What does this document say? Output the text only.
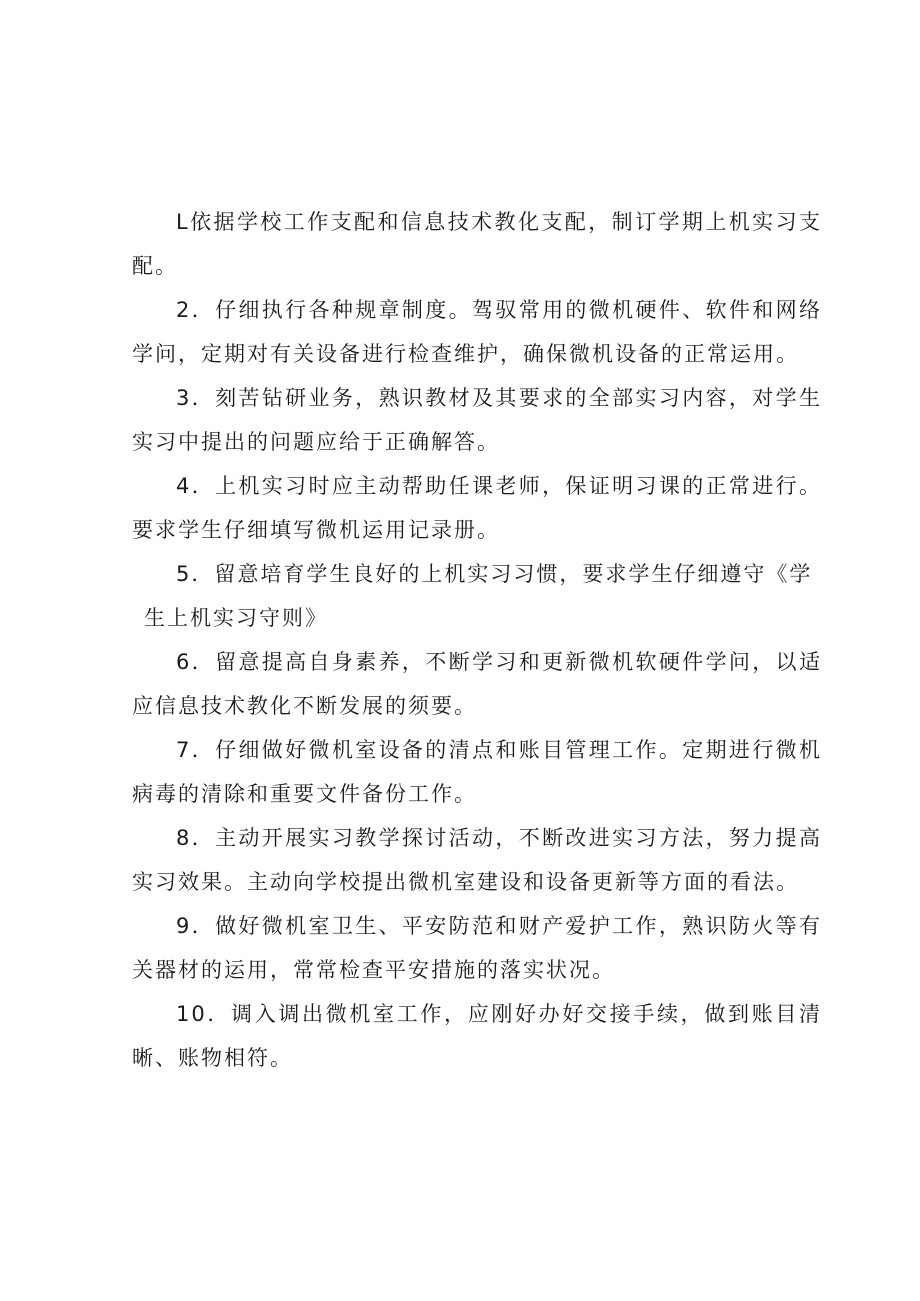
L依据学校工作支配和信息技术教化支配，制订学期上机实习支配。

2．仔细执行各种规章制度。驾驭常用的微机硬件、软件和网络学问，定期对有关设备进行检查维护，确保微机设备的正常运用。

3．刻苦钻研业务，熟识教材及其要求的全部实习内容，对学生实习中提出的问题应给于正确解答。

4．上机实习时应主动帮助任课老师，保证明习课的正常进行。要求学生仔细填写微机运用记录册。

5．留意培育学生良好的上机实习习惯，要求学生仔细遵守《学
生上机实习守则》

6．留意提高自身素养，不断学习和更新微机软硬件学问，以适应信息技术教化不断发展的须要。

7．仔细做好微机室设备的清点和账目管理工作。定期进行微机病毒的清除和重要文件备份工作。

8．主动开展实习教学探讨活动，不断改进实习方法，努力提高实习效果。主动向学校提出微机室建设和设备更新等方面的看法。

9．做好微机室卫生、平安防范和财产爱护工作，熟识防火等有关器材的运用，常常检查平安措施的落实状况。

10．调入调出微机室工作，应刚好办好交接手续，做到账目清晰、账物相符。
